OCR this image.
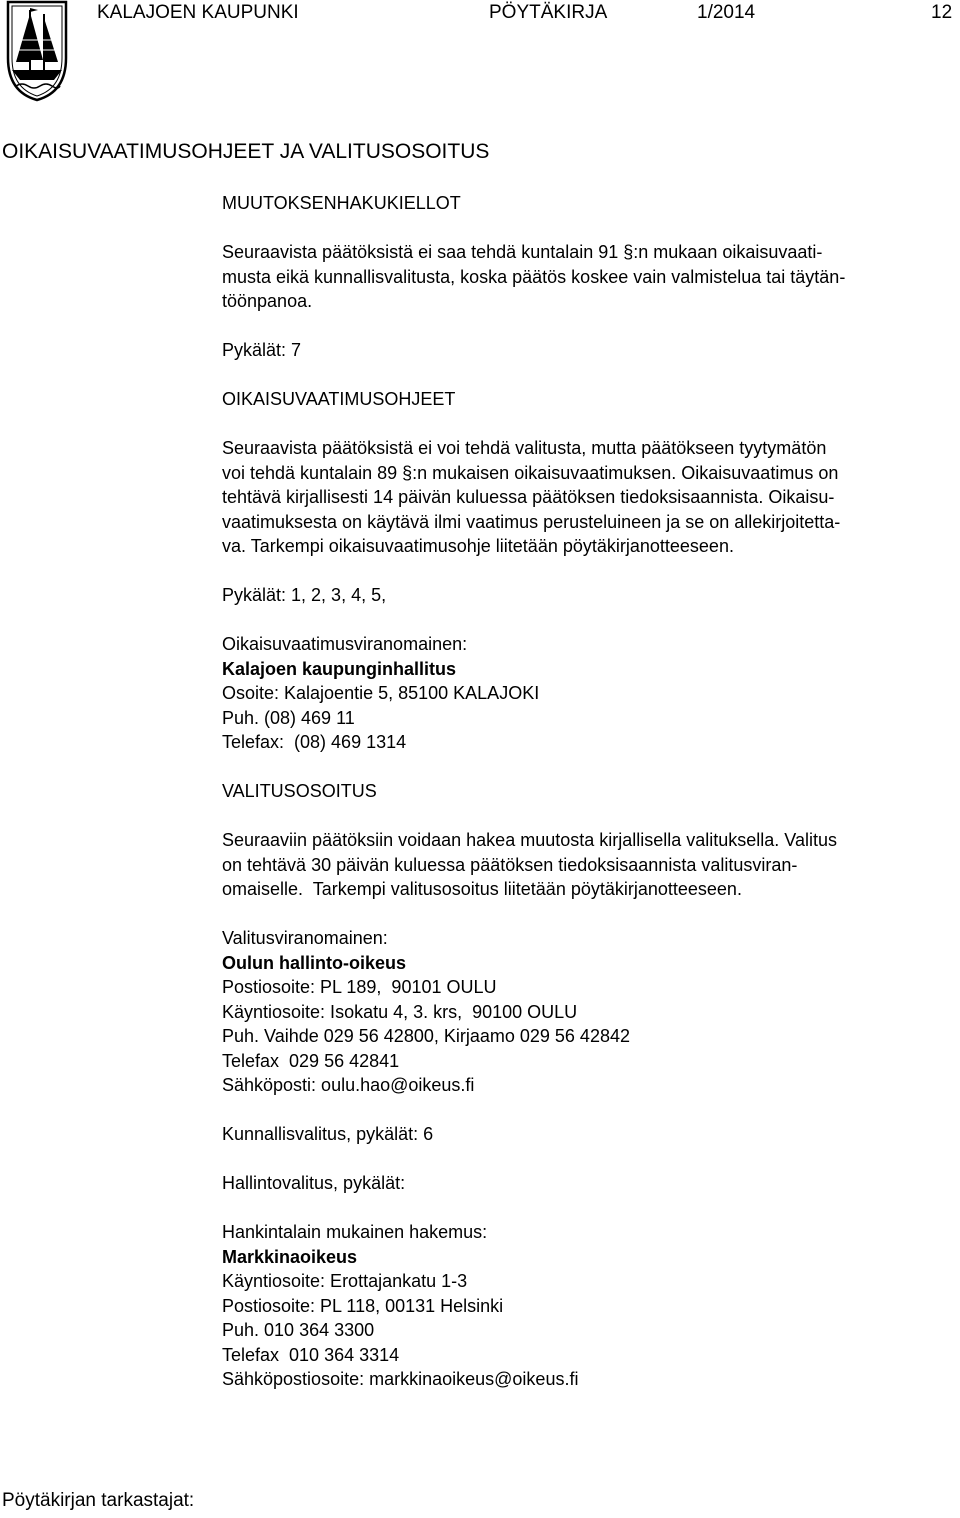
KALAJOEN KAUPUNKI	PÖYTÄKIRJA	1/2014	12
OIKAISUVAATIMUSOHJEET JA VALITUSOSOITUS

MUUTOKSENHAKUKIELLOT

Seuraavista päätöksistä ei saa tehdä kuntalain 91 §:n mukaan oikaisuvaati-

musta eikä kunnallisvalitusta, koska päätös koskee vain valmistelua tai täytän-

töönpanoa.

Pykälät: 7

OIKAISUVAATIMUSOHJEET

Seuraavista päätöksistä ei voi tehdä valitusta, mutta päätökseen tyytymätön

voi tehdä kuntalain 89 §:n mukaisen oikaisuvaatimuksen. Oikaisuvaatimus on

tehtävä kirjallisesti 14 päivän kuluessa päätöksen tiedoksisaannista. Oikaisu-

vaatimuksesta on käytävä ilmi vaatimus perusteluineen ja se on allekirjoitetta-

va. Tarkempi oikaisuvaatimusohje liitetään pöytäkirjanotteeseen.

Pykälät: 1, 2, 3, 4, 5,

Oikaisuvaatimusviranomainen:

Kalajoen kaupunginhallitus

Osoite: Kalajoentie 5, 85100 KALAJOKI

Puh. (08) 469 11

Telefax:  (08) 469 1314

VALITUSOSOITUS

Seuraaviin päätöksiin voidaan hakea muutosta kirjallisella valituksella. Valitus

on tehtävä 30 päivän kuluessa päätöksen tiedoksisaannista valitusviran-

omaiselle.  Tarkempi valitusosoitus liitetään pöytäkirjanotteeseen.

Valitusviranomainen:

Oulun hallinto-oikeus

Postiosoite: PL 189,  90101 OULU

Käyntiosoite: Isokatu 4, 3. krs,  90100 OULU

Puh. Vaihde 029 56 42800, Kirjaamo 029 56 42842

Telefax  029 56 42841

Sähköposti: oulu.hao@oikeus.fi

Kunnallisvalitus, pykälät: 6

Hallintovalitus, pykälät:

Hankintalain mukainen hakemus:

Markkinaoikeus

Käyntiosoite: Erottajankatu 1-3

Postiosoite: PL 118, 00131 Helsinki

Puh. 010 364 3300

Telefax  010 364 3314

Sähköpostiosoite: markkinaoikeus@oikeus.fi

Pöytäkirjan tarkastajat:
